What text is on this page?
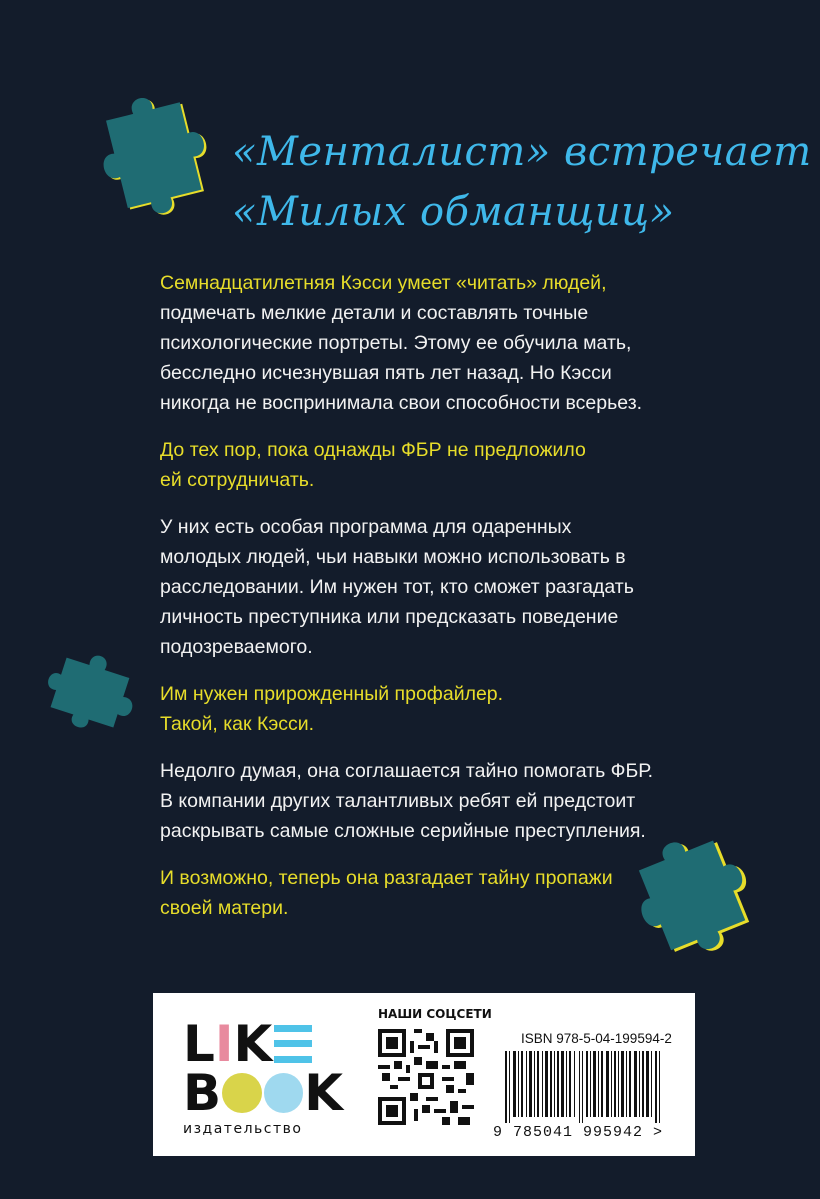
«Менталист» встречает
«Милых обманщиц»

Семнадцатилетняя Кэсси умеет «читать» людей,
подмечать мелкие детали и составлять точные
психологические портреты. Этому ее обучила мать,
бесследно исчезнувшая пять лет назад. Но Кэсси
никогда не воспринимала свои способности всерьез.

До тех пор, пока однажды ФБР не предложило
ей сотрудничать.

У них есть особая программа для одаренных
молодых людей, чьи навыки можно использовать в
расследовании. Им нужен тот, кто сможет разгадать
личность преступника или предсказать поведение
подозреваемого.

Им нужен прирожденный профайлер.
Такой, как Кэсси.

Недолго думая, она соглашается тайно помогать ФБР.
В компании других талантливых ребят ей предстоит
раскрывать самые сложные серийные преступления.

И возможно, теперь она разгадает тайну пропажи
своей матери.

L I K
B K
издательство
НАШИ СОЦСЕТИ
ISBN 978-5-04-199594-2
9 785041 995942 >
